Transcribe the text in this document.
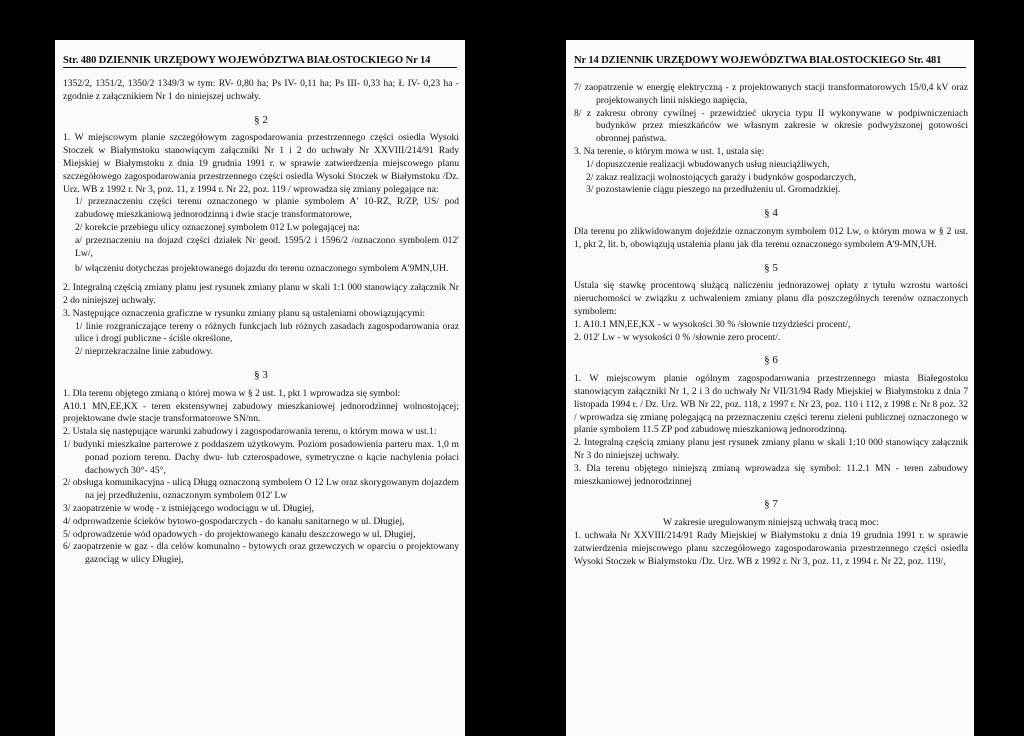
Str. 480 DZIENNIK URZĘDOWY WOJEWÓDZTWA BIAŁOSTOCKIEGO Nr 14

1352/2, 1351/2, 1350/2 1349/3 w tym: RV- 0,80 ha; Ps IV- 0,11 ha; Ps III- 0,33 ha; Ł IV- 0,23 ha - zgodnie z załącznikiem Nr 1 do niniejszej uchwały.

§ 2

1. W miejscowym planie szczegółowym zagospodarowania przestrzennego części osiedla Wysoki Stoczek w Białymstoku stanowiącym załączniki Nr 1 i 2 do uchwały Nr XXVIII/214/91 Rady Miejskiej w Białymstoku z dnia 19 grudnia 1991 r. w sprawie zatwierdzenia miejscowego planu szczegółowego zagospodarowania przestrzennego części osiedla Wysoki Stoczek w Białymstoku /Dz. Urz. WB z 1992 r. Nr 3, poz. 11, z 1994 r. Nr 22, poz. 119 / wprowadza się zmiany polegające na:

1/ przeznaczeniu części terenu oznaczonego w planie symbolem A' 10-RZ, R/ZP, US/ pod zabudowę mieszkaniową jednorodzinną i dwie stacje transformatorowe,

2/ korekcie przebiegu ulicy oznaczonej symbolem 012 Lw polegającej na:

a/ przeznaczeniu na dojazd części działek Nr geod. 1595/2 i 1596/2 /oznaczono symbolem 012' Lw/,

b/ włączeniu dotychczas projektowanego dojazdu do terenu oznaczonego symbolem A'9MN,UH.

2. Integralną częścią zmiany planu jest rysunek zmiany planu w skali 1:1 000 stanowiący załącznik Nr 2 do niniejszej uchwały.

3. Następujące oznaczenia graficzne w rysunku zmiany planu są ustaleniami obowiązującymi:

1/ linie rozgraniczające tereny o różnych funkcjach lub różnych zasadach zagospodarowania oraz ulice i drogi publiczne - ściśle określone,

2/ nieprzekraczalne linie zabudowy.

§ 3

1. Dla terenu objętego zmianą o której mowa w § 2 ust. 1, pkt 1 wprowadza się symbol:

A10.1 MN,EE,KX - teren ekstensywnej zabudowy mieszkaniowej jednorodzinnej wolnostojącej; projektowane dwie stacje transformatorowe SN/nn.

2. Ustala się następujące warunki zabudowy i zagospodarowania terenu, o którym mowa w ust.1:

1/ budynki mieszkalne parterowe z poddaszem użytkowym. Poziom posadowienia parteru max. 1,0 m ponad poziom terenu. Dachy dwu- lub czterospadowe, symetryczne o kącie nachylenia połaci dachowych 30°- 45°,

2/ obsługa komunikacyjna - ulicą Długą oznaczoną symbolem O 12 Lw oraz skorygowanym dojazdem na jej przedłużeniu, oznaczonym symbolem 012' Lw

3/ zaopatrzenie w wodę - z istniejącego wodociągu w ul. Długiej,

4/ odprowadzenie ścieków bytowo-gospodarczych - do kanału sanitarnego w ul. Długiej,

5/ odprowadzenie wód opadowych - do projektowanego kanału deszczowego w ul. Długiej,

6/ zaopatrzenie w gaz - dla celów komunalno - bytowych oraz grzewczych w oparciu o projektowany gazociąg w ulicy Długiej,

Nr 14 DZIENNIK URZĘDOWY WOJEWÓDZTWA BIAŁOSTOCKIEGO Str. 481

7/ zaopatrzenie w energię elektryczną - z projektowanych stacji transformatorowych 15/0,4 kV oraz projektowanych linii niskiego napięcia,

8/ z zakresu obrony cywilnej - przewidzieć ukrycia typu II wykonywane w podpiwniczeniach budynków przez mieszkańców we własnym zakresie w okresie podwyższonej gotowości obronnej państwa.

3. Na terenie, o którym mowa w ust. 1, ustala się:

1/ dopuszczenie realizacji wbudowanych usług nieuciążliwych,

2/ zakaz realizacji wolnostojących garaży i budynków gospodarczych,

3/ pozostawienie ciągu pieszego na przedłużeniu ul. Gromadzkiej.

§ 4

Dla terenu po zlikwidowanym dojeździe oznaczonym symbolem 012 Lw, o którym mowa w § 2 ust. 1, pkt 2, lit. b, obowiązują ustalenia planu jak dla terenu oznaczonego symbolem A'9-MN,UH.

§ 5

Ustala się stawkę procentową służącą naliczeniu jednorazowej opłaty z tytułu wzrostu wartości nieruchomości w związku z uchwaleniem zmiany planu dla poszczególnych terenów oznaczonych symbolem:

1. A10.1 MN,EE,KX - w wysokości 30 % /słownie trzydzieści procent/,

2. 012' Lw - w wysokości 0 % /słownie zero procent/.

§ 6

1. W miejscowym planie ogólnym zagospodarowania przestrzennego miasta Białegostoku stanowiącym załączniki Nr 1, 2 i 3 do uchwały Nr VII/31/94 Rady Miejskiej w Białymstoku z dnia 7 listopada 1994 r. / Dz. Urz. WB Nr 22, poz. 118, z 1997 r. Nr 23, poz. 110 i 112, z 1998 r. Nr 8 poz. 32 / wprowadza się zmianę polegającą na przeznaczeniu części terenu zieleni publicznej oznaczonego w planie symbolem 11.5 ZP pod zabudowę mieszkaniową jednorodzinną.

2. Integralną częścią zmiany planu jest rysunek zmiany planu w skali 1:10 000 stanowiący załącznik Nr 3 do niniejszej uchwały.

3. Dla terenu objętego niniejszą zmianą wprowadza się symbol: 11.2.1 MN - teren zabudowy mieszkaniowej jednorodzinnej

§ 7

W zakresie uregulowanym niniejszą uchwałą tracą moc:

1. uchwała Nr XXVIII/214/91 Rady Miejskiej w Białymstoku z dnia 19 grudnia 1991 r. w sprawie zatwierdzenia miejscowego planu szczegółowego zagospodarowania przestrzennego części osiedla Wysoki Stoczek w Białymstoku /Dz. Urz. WB z 1992 r. Nr 3, poz. 11, z 1994 r. Nr 22, poz. 119/,
